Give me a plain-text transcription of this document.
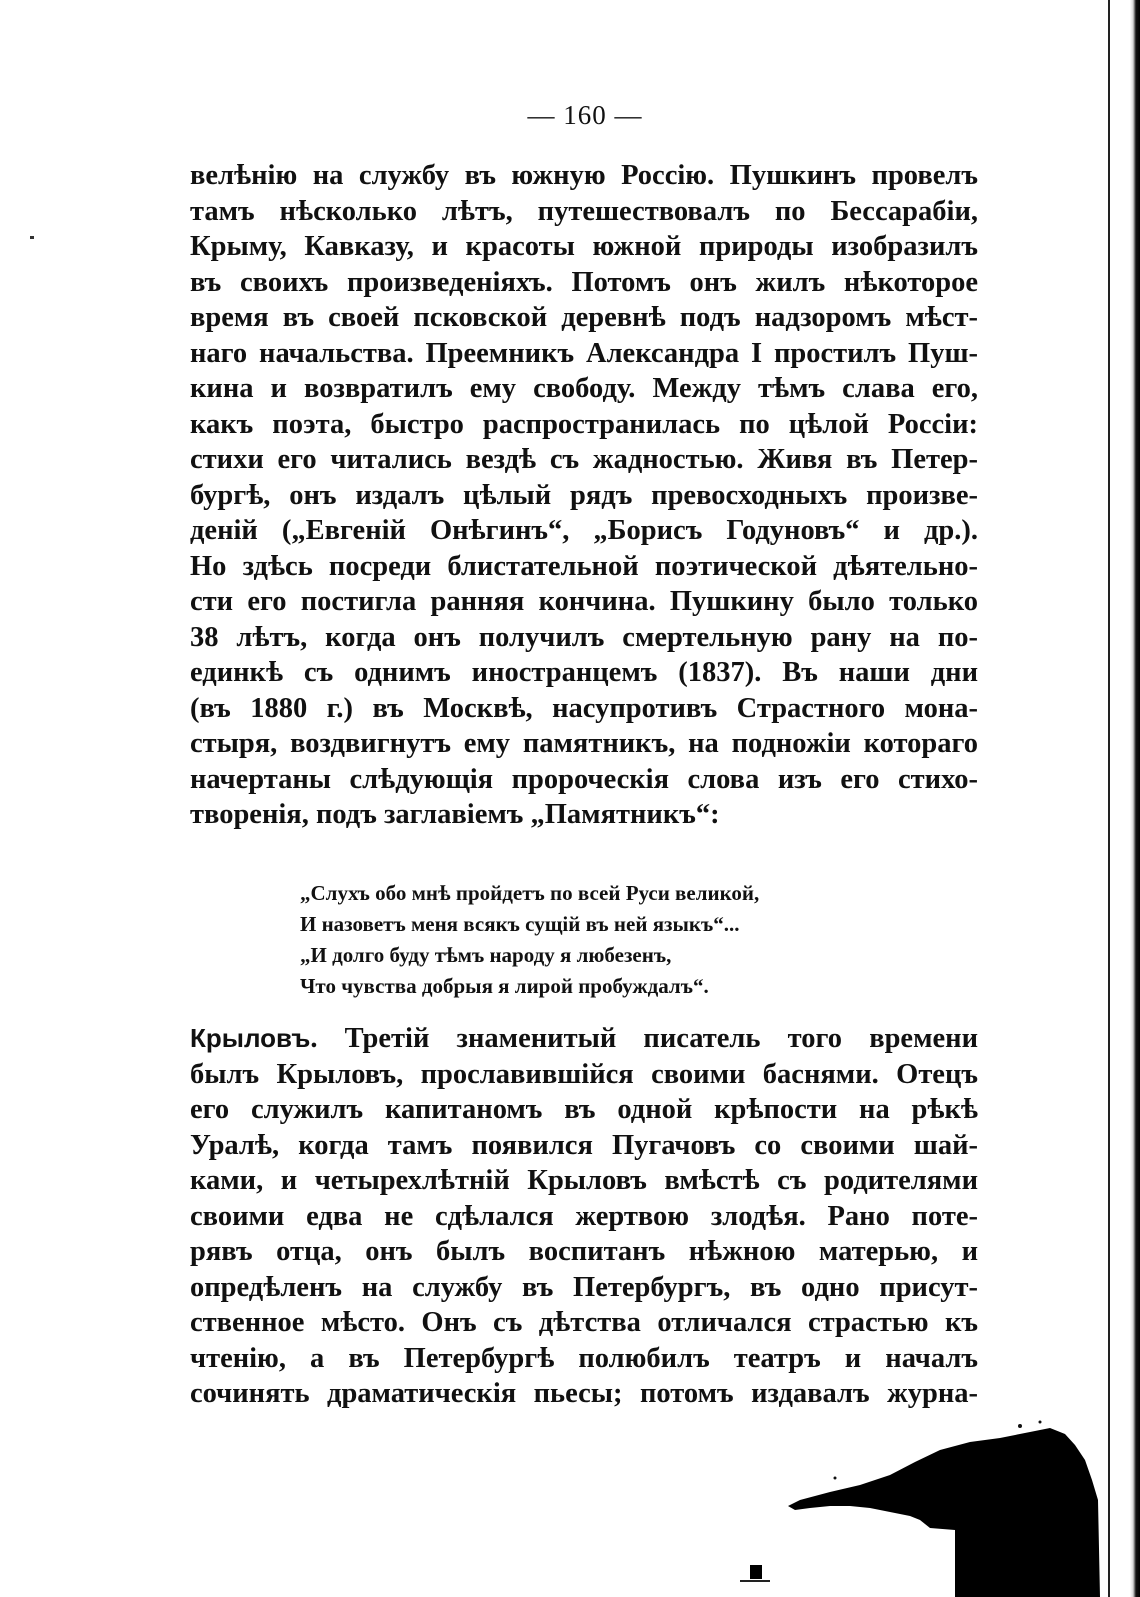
— 160 —
велѣнію на службу въ южную Россію. Пушкинъ провелъ
тамъ нѣсколько лѣтъ, путешествовалъ по Бессарабіи,
Крыму, Кавказу, и красоты южной природы изобразилъ
въ своихъ произведеніяхъ. Потомъ онъ жилъ нѣкоторое
время въ своей псковской деревнѣ подъ надзоромъ мѣст-
наго начальства. Преемникъ Александра I простилъ Пуш-
кина и возвратилъ ему свободу. Между тѣмъ слава его,
какъ поэта, быстро распространилась по цѣлой Россіи:
стихи его читались вездѣ съ жадностью. Живя въ Петер-
бургѣ, онъ издалъ цѣлый рядъ превосходныхъ произве-
деній („Евгеній Онѣгинъ“, „Борисъ Годуновъ“ и др.).
Но здѣсь посреди блистательной поэтической дѣятельно-
сти его постигла ранняя кончина. Пушкину было только
38 лѣтъ, когда онъ получилъ смертельную рану на по-
единкѣ съ однимъ иностранцемъ (1837). Въ наши дни
(въ 1880 г.) въ Москвѣ, насупротивъ Страстного мона-
стыря, воздвигнутъ ему памятникъ, на подножіи котораго
начертаны слѣдующія пророческія слова изъ его стихо-
творенія, подъ заглавіемъ „Памятникъ“:
„Слухъ обо мнѣ пройдетъ по всей Руси великой,
И назоветъ меня всякъ сущій въ ней языкъ“...
„И долго буду тѣмъ народу я любезенъ,
Что чувства добрыя я лирой пробуждалъ“.
Крыловъ. Третій знаменитый писатель того времени
былъ Крыловъ, прославившійся своими баснями. Отецъ
его служилъ капитаномъ въ одной крѣпости на рѣкѣ
Уралѣ, когда тамъ появился Пугачовъ со своими шай-
ками, и четырехлѣтній Крыловъ вмѣстѣ съ родителями
своими едва не сдѣлался жертвою злодѣя. Рано поте-
рявъ отца, онъ былъ воспитанъ нѣжною матерью, и
опредѣленъ на службу въ Петербургъ, въ одно присут-
ственное мѣсто. Онъ съ дѣтства отличался страстью къ
чтенію, а въ Петербургѣ полюбилъ театръ и началъ
сочинять драматическія пьесы; потомъ издавалъ журна-
